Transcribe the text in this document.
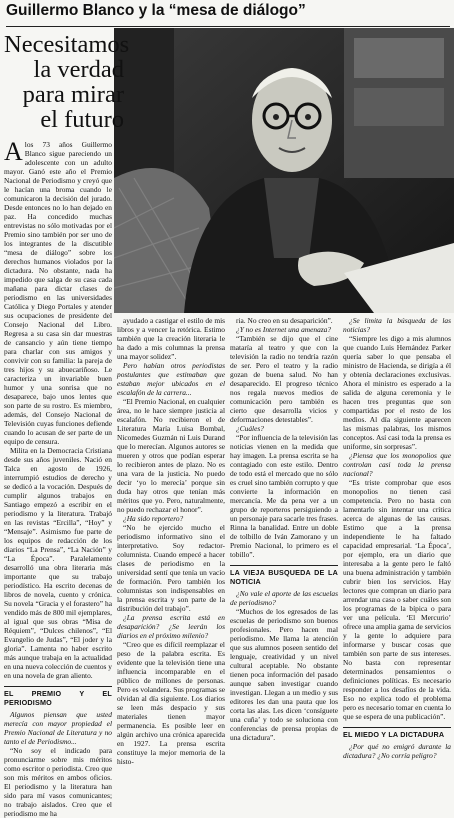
Guillermo Blanco y la “mesa de diálogo”
Necesitamos
la verdad
para mirar
el futuro
A los 73 años Guillermo Blanco sigue pareciendo un adolescente con un adulto mayor. Ganó este año el Premio Nacional de Periodismo y creyó que le hacían una broma cuando le comunicaron la decisión del jurado. Desde entonces no lo han dejado en paz. Ha concedido muchas entrevistas no sólo motivadas por el Premio sino también por ser uno de los integrantes de la discutible “mesa de diálogo” sobre los derechos humanos violados por la dictadura. No obstante, nada ha impedido que salga de su casa cada mañana para dictar clases de periodismo en las universidades Católica y Diego Portales y atender sus ocupaciones de presidente del Consejo Nacional del Libro. Regresa a su casa sin dar muestras de cansancio y aún tiene tiempo para charlar con sus amigos y convivir con su familia: la pareja de tres hijos y su abuecariñoso. Le caracteriza un invariable buen humor y una sonrisa que no desaparece, bajo unos lentes que son parte de su rostro. Es miembro, además, del Consejo Nacional de Televisión cuyas funciones defiende cuando lo acusan de ser parte de un equipo de censura.

Milita en la Democracia Cristiana desde sus años juveniles. Nació en Talca en agosto de 1926, interrumpió estudios de derecho y se dedicó a la vocación. Después de cumplir algunos trabajos en Santiago empezó a escribir en el periodismo y la literatura. Trabajó en las revistas “Ercilla”, “Hoy” y “Mensaje”. Asimismo fue parte de los equipos de redacción de los diarios “La Prensa”, “La Nación” y “La Época”. Paralelamente desarrolló una obra literaria más importante que su trabajo periodístico. Ha escrito decenas de libros de novela, cuento y crónica. Su novela “Gracia y el forastero” ha vendido más de 800 mil ejemplares, al igual que sus obras “Misa de Réquiem”, “Dulces chilenos”, “El Evangelio de Judas”, “El joder y la gloria”. Lamenta no haber escrito más aunque trabaja en la actualidad en una nueva colección de cuentos y en una novela de gran aliento.

EL PREMIO Y EL PERIODISMO

Algunos piensan que usted merecía con mayor propiedad el Premio Nacional de Literatura y no tanto el de Periodismo...

“No soy el indicado para pronunciarme sobre mis méritos como escritor o periodista. Creo que son mis méritos en ambos oficios. El periodismo y la literatura han sido para mí vasos comunicantes; no trabajo aislados. Creo que el periodismo me ha

ayudado a castigar el estilo de mis libros y a vencer la retórica. Estimo también que la creación literaria le ha dado a mis columnas la prensa una mayor solidez”.

Pero habían otros periodistas postulantes que estimaban que estaban mejor ubicados en el escalafón de la carrera...

“El Premio Nacional, en cualquier área, no le hace siempre justicia al escalafón. No recibieron el de Literatura María Luisa Bombal, Nicomedes Guzmán ni Luis Durand que lo merecían. Algunos autores se mueren y otros que podían esperar lo recibieron antes de plazo. No es una vara de la justicia. No puedo decir ‘yo lo merecía’ porque sin duda hay otros que tenían más méritos que yo. Pero, naturalmente, no puedo rechazar el honor”.

¿Ha sido reportero?

“No he ejercido mucho el periodismo informativo sino el interpretativo. Soy redactor-columnista. Cuando empecé a hacer clases de periodismo en la universidad sentí que tenía un vacío de formación. Pero también los columnistas son indispensables en la prensa escrita y son parte de la distribución del trabajo”.

¿La prensa escrita está en desaparición? ¿Se leerán los diarios en el próximo milenio?

“Creo que es difícil reemplazar el peso de la palabra escrita. Es evidente que la televisión tiene una influencia incomparable en el público de millones de personas. Pero es volandera. Sus programas se olvidan al día siguiente. Los diarios se leen más despacio y sus materiales tienen mayor permanencia. Es posible leer en algún archivo una crónica aparecida en 1927. La prensa escrita constituye la mejor memoria de la histo-

ria. No creo en su desaparición”.

¿Y no es Internet una amenaza?

“También se dijo que el cine mataría al teatro y que con la televisión la radio no tendría razón de ser. Pero el teatro y la radio gozan de buena salud. No han desaparecido. El progreso técnico nos regala nuevos medios de comunicación pero también es cierto que desarrolla vicios y deformaciones detestables”.

¿Cuáles?

“Por influencia de la televisión las noticias vienen en la medida que hay imagen. La prensa escrita se ha contagiado con este estilo. Dentro de todo está el mercado que no sólo es cruel sino también corrupto y que convierte la información en mercancía. Me da pena ver a un grupo de reporteros persiguiendo a un personaje para sacarle tres frases. Rinna la banalidad. Entre un doble de tolbillo de Iván Zamorano y un Premio Nacional, lo primero es el tobillo”.

LA VIEJA BUSQUEDA DE LA NOTICIA

¿No vale el aporte de las escuelas de periodismo?

“Muchos de los egresados de las escuelas de periodismo son buenos profesionales. Pero hacen mal periodismo. Me llama la atención que sus alumnos poseen sentido del lenguaje, creatividad y un nivel cultural aceptable. No obstante tienen poca información del pasado aunque saben investigar cuando investigan. Llegan a un medio y sus editores les dan una pauta que los corta las alas. Les dicen ‘consíguete una cuña’ y todo se soluciona con conferencias de prensa propias de una dictadura”.

¿Se limita la búsqueda de las noticias?

“Siempre les digo a mis alumnos que cuando Luis Hernández Parker quería saber lo que pensaba el ministro de Hacienda, se dirigía a él y obtenía declaraciones exclusivas. Ahora el ministro es esperado a la salida de alguna ceremonia y le hacen tres preguntas que son compartidas por el resto de los medios. Al día siguiente aparecen las mismas palabras, los mismos conceptos. Así casi toda la prensa es uniforme, sin sorpresas”.

¿Piensa que los monopolios que controlan casi toda la prensa nacional?

“Es triste comprobar que esos monopolios no tienen casi competencia. Pero no basta con lamentarlo sin intentar una crítica acerca de algunas de las causas. Estimo que a la prensa independiente le ha faltado capacidad empresarial. ‘La Época’, por ejemplo, era un diario que interesaba a la gente pero le faltó una buena administración y también cubrir bien los servicios. Hay lectores que compran un diario para arrendar una casa o saber cuáles son los programas de la bípica o para ver una película. ‘El Mercurio’ ofrece una amplia gama de servicios y la gente lo adquiere para informarse y buscar cosas que también son parte de sus intereses. No basta con representar determinados pensamientos o definiciones políticas. Es necesario responder a los desafíos de la vida. Eso no explica todo el problema pero es necesario tomar en cuenta lo que se espera de una publicación”.

EL MIEDO Y LA DICTADURA

¿Por qué no emigró durante la dictadura? ¿No corría peligro?
